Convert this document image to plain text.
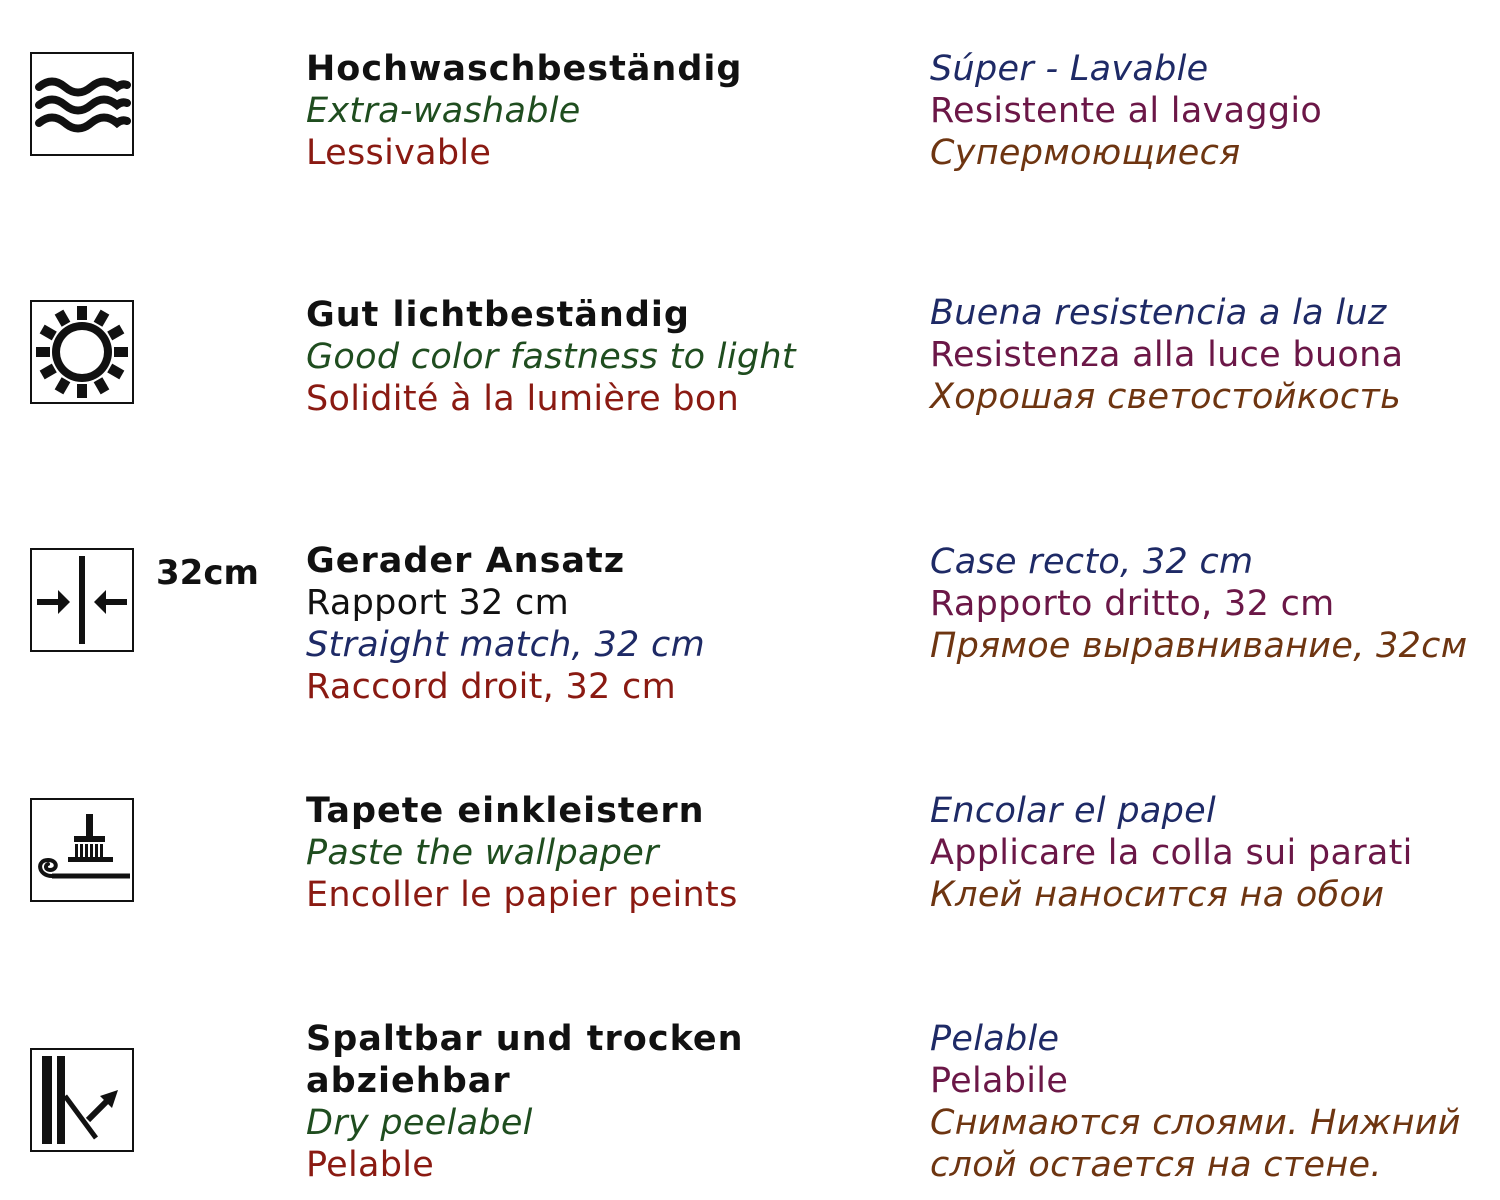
Hochwaschbeständig
Extra-washable
Lessivable
Súper - Lavable
Resistente al lavaggio
Супермоющиеся
Gut lichtbeständig
Good color fastness to light
Solidité à la lumière bon
Buena resistencia a la luz
Resistenza alla luce buona
Хорошая светостойкость
32cm Gerader Ansatz
Rapport 32 cm
Straight match, 32 cm
Raccord droit, 32 cm
Case recto, 32 cm
Rapporto dritto, 32 cm
Прямое выравнивание, 32см
Tapete einkleistern
Paste the wallpaper
Encoller le papier peints
Encolar el papel
Applicare la colla sui parati
Клей наносится на обои
Spaltbar und trocken
abziehbar
Dry peelabel
Pelable
Pelable
Pelabile
Снимаются слоями. Нижний
слой остается на стене.
